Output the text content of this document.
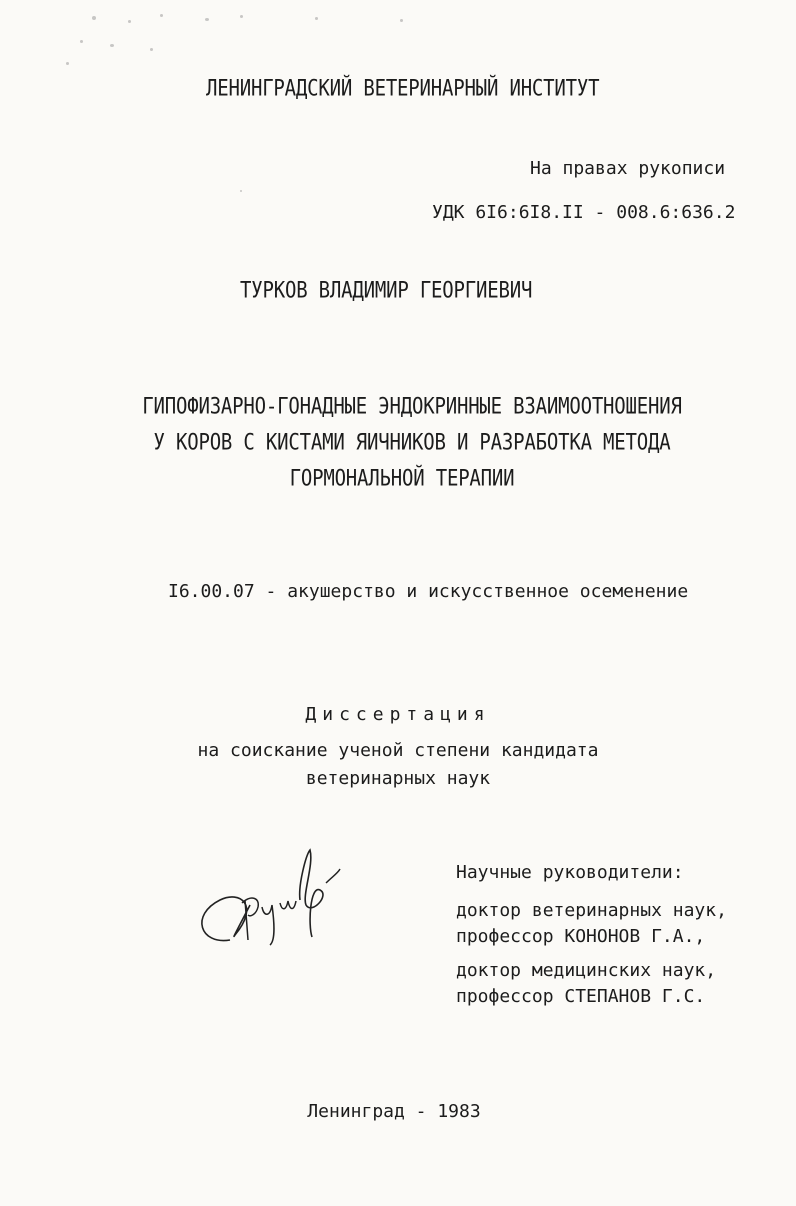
ЛЕНИНГРАДСКИЙ ВЕТЕРИНАРНЫЙ ИНСТИТУТ
На правах рукописи
УДК 6I6:6I8.II - 008.6:636.2
ТУРКОВ ВЛАДИМИР ГЕОРГИЕВИЧ
ГИПОФИЗАРНО-ГОНАДНЫЕ ЭНДОКРИННЫЕ ВЗАИМООТНОШЕНИЯ
У КОРОВ С КИСТАМИ ЯИЧНИКОВ И РАЗРАБОТКА МЕТОДА
ГОРМОНАЛЬНОЙ ТЕРАПИИ
I6.00.07 - акушерство и искусственное осеменение
Диссертация
на соискание ученой степени кандидата
ветеринарных наук
Научные руководители:
доктор ветеринарных наук,
профессор КОНОНОВ Г.А.,
доктор медицинских наук,
профессор СТЕПАНОВ Г.С.
Ленинград - 1983
